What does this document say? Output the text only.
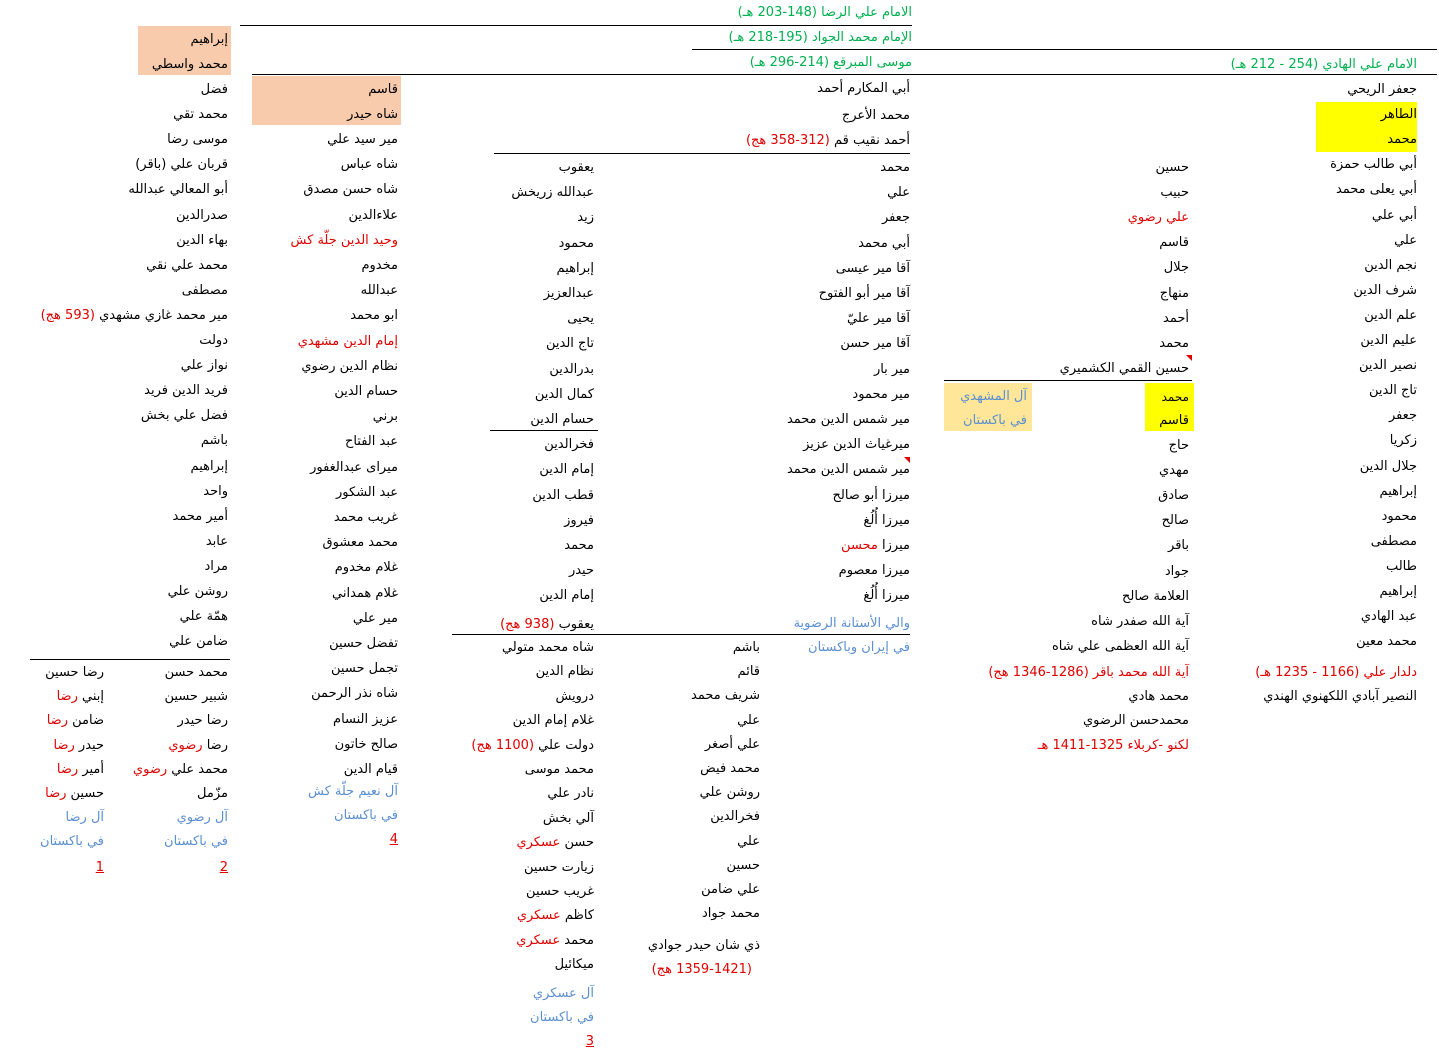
الامام علي الرضا (148-203 هـ)
الإمام محمد الجواد (195-218 هـ)
موسى المبرقع (214-296 هـ)	الامام علي الهادي (254 - 212 هـ)
جعفر الريحي
الطاهر
محمد
أبي طالب حمزة
أبي يعلى محمد
أبي علي
علي
نجم الدين
شرف الدين
علم الدين
عليم الدين
نصير الدين
تاج الدين
جعفر
زكريا
جلال الدين
إبراهيم
محمود
مصطفى
طالب
إبراهيم
عبد الهادي
محمد معين
دلدار علي (1166 - 1235 هـ)
النصير آبادي اللكهنوي الهندي
حسين
حبيب
علي رضوي
قاسم
جلال
منهاج
أحمد
محمد
حسين القمي الكشميري
محمد
قاسم
آل المشهدي
في باكستان
حاج
مهدي
صادق
صالح
باقر
جواد
العلامة صالح
آية الله صفدر شاه
آية الله العظمى علي شاه
آية الله محمد باقر (1286-1346 هج)
محمد هادي
محمدحسن الرضوي
لكنو -كربلاء 1325-1411 هـ
أبي المكارم أحمد
محمد الأعرج
أحمد نقيب قم (312-358 هج)
محمد
علي
جعفر
أبي محمد
آقا مير عيسى
آقا مير أبو الفتوح
آقا مير عليّ
آقا مير حسن
مير بار
مير محمود
مير شمس الدين محمد
ميرغياث الدين عزيز
مير شمس الدين محمد
ميرزا أبو صالح
ميرزا أُلُغ
ميرزا محسن
ميرزا معصوم
ميرزا أُلُغ
والي الأستانة الرضوية
في إيران وباكستان
يعقوب
عبدالله زريخش
زيد
محمود
إبراهيم
عبدالعزيز
يحيى
تاج الدين
بدرالدين
كمال الدين
حسام الدين
فخرالدين
إمام الدين
قطب الدين
فيروز
محمد
حيدر
إمام الدين
يعقوب (938 هج)
شاه محمد متولي
نظام الدين
درويش
غلام إمام الدين
دولت علي (1100 هج)
محمد موسى
نادر علي
آلي بخش
حسن عسكري
زيارت حسين
غريب حسين
كاظم عسكري
محمد عسكري
ميكائيل
آل عسكري
في باكستان
3
باشم
قائم
شريف محمد
علي
علي أصغر
محمد فيض
روشن علي
فخرالدين
علي
حسين
علي ضامن
محمد جواد
ذي شان حيدر جوادي
(1359-1421 هج)
قاسم
شاه حيدر
مير سيد علي
شاه عباس
شاه حسن مصدق
علاءالدين
وحيد الدين جلّة كش
مخدوم
عبدالله
ابو محمد
إمام الدين مشهدي
نظام الدين رضوي
حسام الدين
برني
عبد الفتاح
ميرای عبدالغفور
عبد الشكور
غريب محمد
محمد معشوق
غلام مخدوم
غلام همداني
مير علي
تفضل حسين
تجمل حسين
شاه نذر الرحمن
عزيز النسام
صالح خاتون
قيام الدين
آل نعيم جلّة كش
في باكستان
4
إبراهيم
محمد واسطي
فضل
محمد تقي
موسى رضا
قربان علي (باقر)
أبو المعالي عبدالله
صدرالدين
بهاء الدين
محمد علي نقي
مصطفى
مير محمد غازي مشهدي (593 هج)
دولت
نواز علي
فريد الدين فريد
فضل علي بخش
باشم
إبراهيم
واحد
أمير محمد
عابد
مراد
روشن علي
همّة علي
ضامن علي
محمد حسن
شبير حسين
رضا حيدر
رضا رضوي
محمد علي رضوي
مزّمل
آل رضوي
في باكستان
2
رضا حسين
إبني رضا
ضامن رضا
حيدر رضا
أمير رضا
حسين رضا
آل رضا
في باكستان
1
